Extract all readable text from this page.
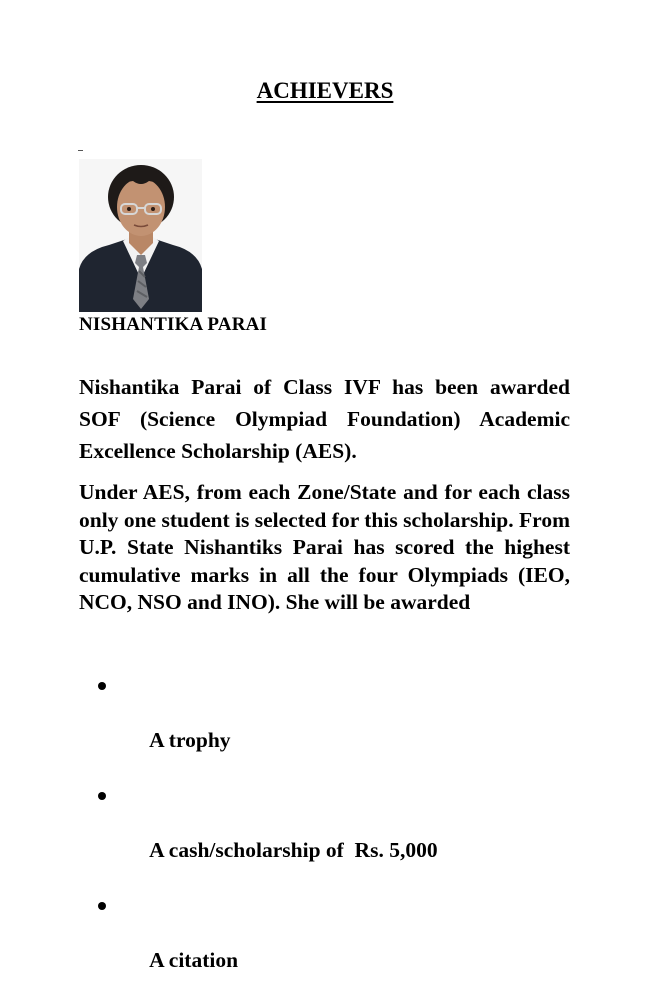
ACHIEVERS
NISHANTIKA PARAI
Nishantika Parai of Class IVF has been awarded SOF (Science Olympiad Foundation) Academic Excellence Scholarship (AES).
Under AES, from each Zone/State and for each class only one student is selected for this scholarship. From U.P. State Nishantiks Parai has scored the highest cumulative marks in all the four Olympiads (IEO, NCO, NSO and INO). She will be awarded

A trophy

A cash/scholarship of  Rs. 5,000

A citation
